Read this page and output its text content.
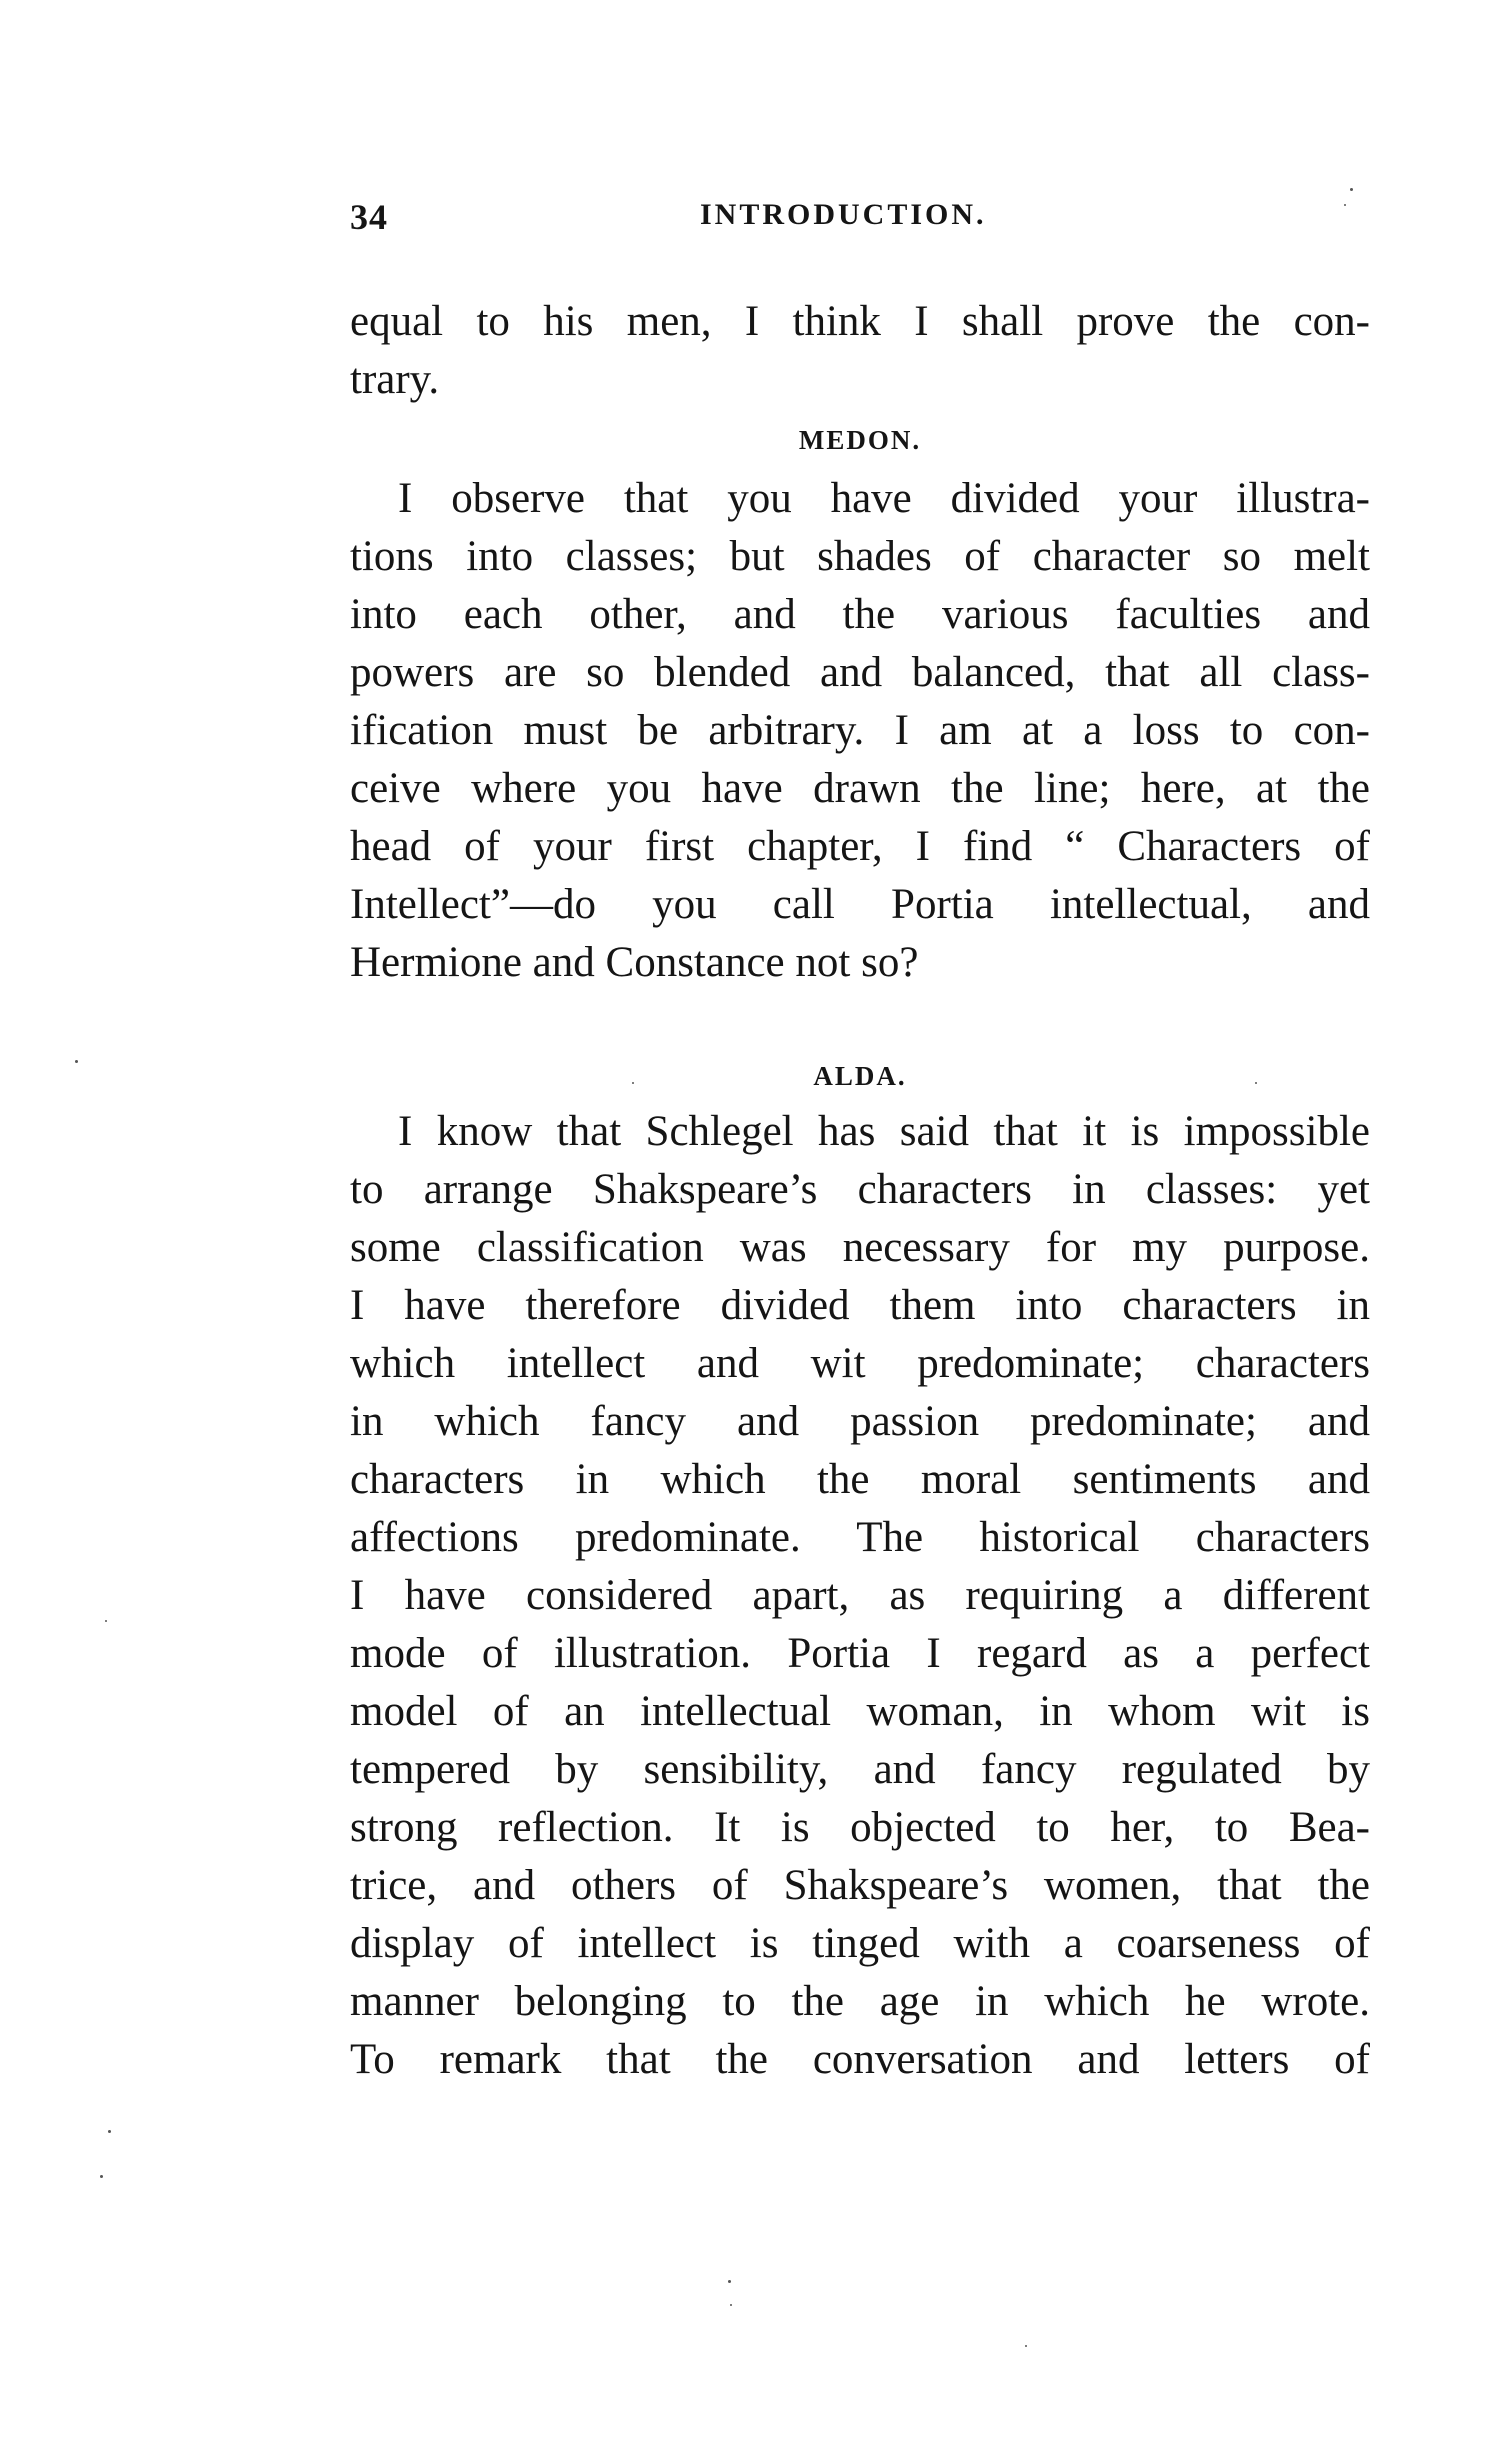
34	INTRODUCTION.
equal to his men, I think I shall prove the con-
trary.
MEDON.
I observe that you have divided your illustra-
tions into classes; but shades of character so melt
into each other, and the various faculties and
powers are so blended and balanced, that all class-
ification must be arbitrary. I am at a loss to con-
ceive where you have drawn the line; here, at the
head of your first chapter, I find “ Characters of
Intellect”—do you call Portia intellectual, and
Hermione and Constance not so?
ALDA.
I know that Schlegel has said that it is impossible
to arrange Shakspeare’s characters in classes: yet
some classification was necessary for my purpose.
I have therefore divided them into characters in
which intellect and wit predominate; characters
in which fancy and passion predominate; and
characters in which the moral sentiments and
affections predominate. The historical characters
I have considered apart, as requiring a different
mode of illustration. Portia I regard as a perfect
model of an intellectual woman, in whom wit is
tempered by sensibility, and fancy regulated by
strong reflection. It is objected to her, to Bea-
trice, and others of Shakspeare’s women, that the
display of intellect is tinged with a coarseness of
manner belonging to the age in which he wrote.
To remark that the conversation and letters of
